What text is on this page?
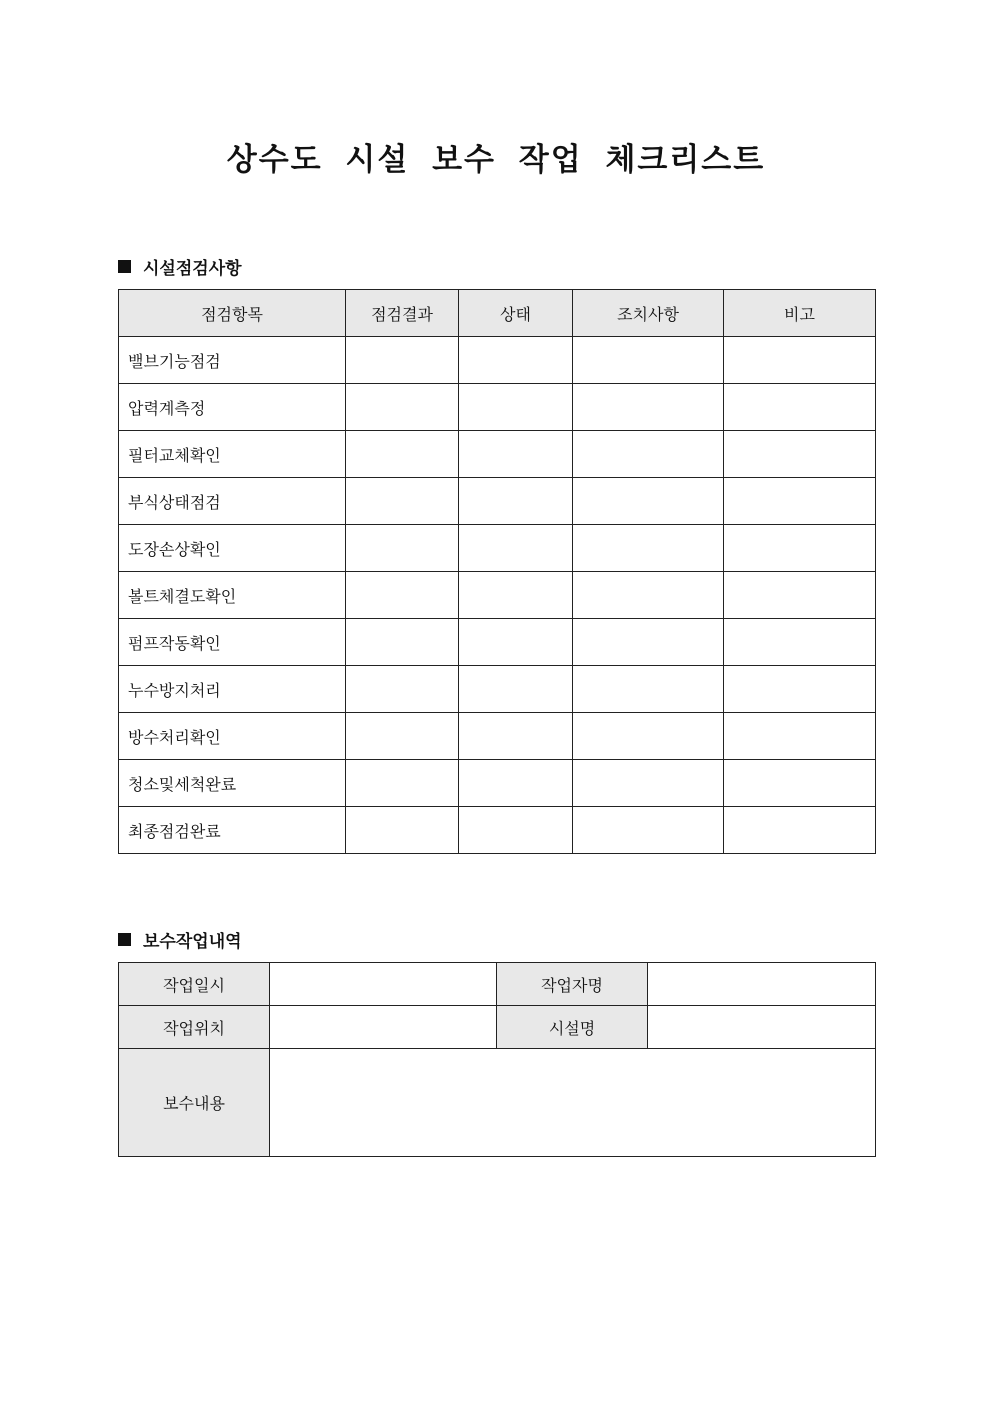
상수도 시설 보수 작업 체크리스트
시설점검사항
점검항목	점검결과	상태	조치사항	비고
밸브기능점검				
압력계측정				
필터교체확인				
부식상태점검				
도장손상확인				
볼트체결도확인				
펌프작동확인				
누수방지처리				
방수처리확인				
청소및세척완료				
최종점검완료				
보수작업내역
작업일시		작업자명	
작업위치		시설명	
보수내용			
